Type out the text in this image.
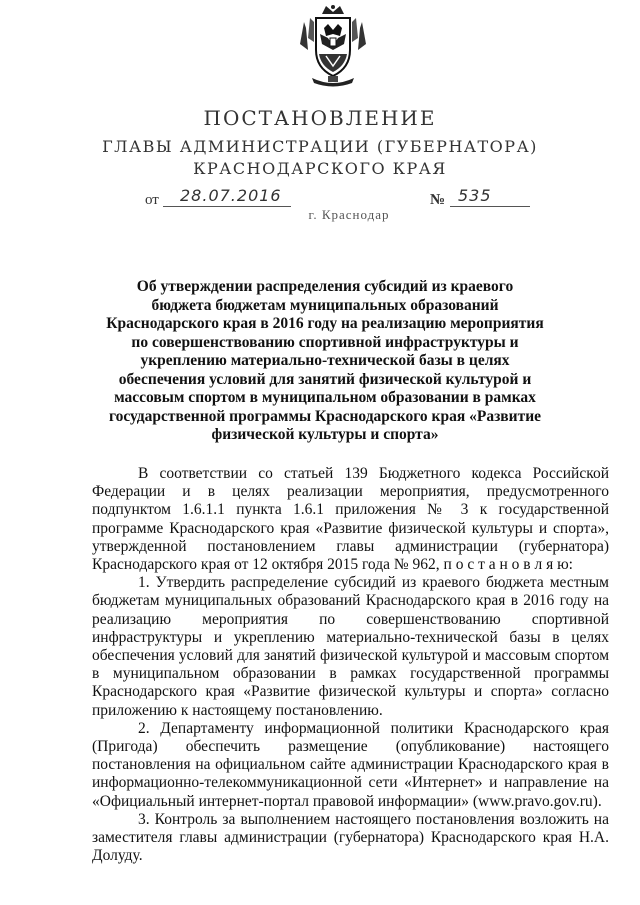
ПОСТАНОВЛЕНИЕ
ГЛАВЫ АДМИНИСТРАЦИИ (ГУБЕРНАТОРА)
КРАСНОДАРСКОГО КРАЯ
от 28.07.2016	№ 535
г. Краснодар
Об утверждении распределения субсидий из краевого бюджета бюджетам муниципальных образований Краснодарского края в 2016 году на реализацию мероприятия по совершенствованию спортивной инфраструктуры и укреплению материально-технической базы в целях обеспечения условий для занятий физической культурой и массовым спортом в муниципальном образовании в рамках государственной программы Краснодарского края «Развитие физической культуры и спорта»

В соответствии со статьей 139 Бюджетного кодекса Российской Федерации и в целях реализации мероприятия, предусмотренного подпунктом 1.6.1.1 пункта 1.6.1 приложения № 3 к государственной программе Краснодарского края «Развитие физической культуры и спорта», утвержденной постановлением главы администрации (губернатора) Краснодарского края от 12 октября 2015 года № 962, п о с т а н о в л я ю:

1. Утвердить распределение субсидий из краевого бюджета местным бюджетам муниципальных образований Краснодарского края в 2016 году на реализацию мероприятия по совершенствованию спортивной инфраструктуры и укреплению материально-технической базы в целях обеспечения условий для занятий физической культурой и массовым спортом в муниципальном образовании в рамках государственной программы Краснодарского края «Развитие физической культуры и спорта» согласно приложению к настоящему постановлению.

2. Департаменту информационной политики Краснодарского края (Пригода) обеспечить размещение (опубликование) настоящего постановления на официальном сайте администрации Краснодарского края в информационно-телекоммуникационной сети «Интернет» и направление на «Официальный интернет-портал правовой информации» (www.pravo.gov.ru).

3. Контроль за выполнением настоящего постановления возложить на заместителя главы администрации (губернатора) Краснодарского края Н.А. Долуду.
